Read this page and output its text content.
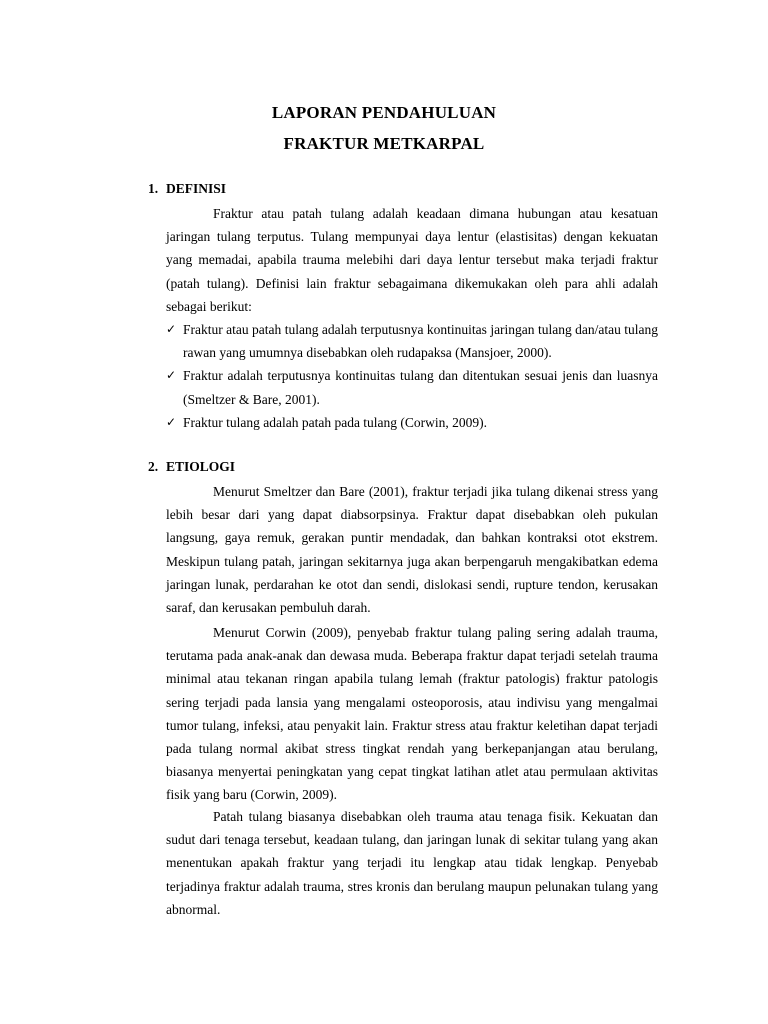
LAPORAN PENDAHULUAN
FRAKTUR METKARPAL
1. DEFINISI

Fraktur atau patah tulang adalah keadaan dimana hubungan atau kesatuan jaringan tulang terputus. Tulang mempunyai daya lentur (elastisitas) dengan kekuatan yang memadai, apabila trauma melebihi dari daya lentur tersebut maka terjadi fraktur (patah tulang). Definisi lain fraktur sebagaimana dikemukakan oleh para ahli adalah sebagai berikut:

✓ Fraktur atau patah tulang adalah terputusnya kontinuitas jaringan tulang dan/atau tulang rawan yang umumnya disebabkan oleh rudapaksa (Mansjoer, 2000).
✓ Fraktur adalah terputusnya kontinuitas tulang dan ditentukan sesuai jenis dan luasnya (Smeltzer & Bare, 2001).
✓ Fraktur tulang adalah patah pada tulang (Corwin, 2009).
2. ETIOLOGI

Menurut Smeltzer dan Bare (2001), fraktur terjadi jika tulang dikenai stress yang lebih besar dari yang dapat diabsorpsinya. Fraktur dapat disebabkan oleh pukulan langsung, gaya remuk, gerakan puntir mendadak, dan bahkan kontraksi otot ekstrem. Meskipun tulang patah, jaringan sekitarnya juga akan berpengaruh mengakibatkan edema jaringan lunak, perdarahan ke otot dan sendi, dislokasi sendi, rupture tendon, kerusakan saraf, dan kerusakan pembuluh darah.

Menurut Corwin (2009), penyebab fraktur tulang paling sering adalah trauma, terutama pada anak-anak dan dewasa muda. Beberapa fraktur dapat terjadi setelah trauma minimal atau tekanan ringan apabila tulang lemah (fraktur patologis) fraktur patologis sering terjadi pada lansia yang mengalami osteoporosis, atau indivisu yang mengalmai tumor tulang, infeksi, atau penyakit lain. Fraktur stress atau fraktur keletihan dapat terjadi pada tulang normal akibat stress tingkat rendah yang berkepanjangan atau berulang, biasanya menyertai peningkatan yang cepat tingkat latihan atlet atau permulaan aktivitas fisik yang baru (Corwin, 2009).

Patah tulang biasanya disebabkan oleh trauma atau tenaga fisik. Kekuatan dan sudut dari tenaga tersebut, keadaan tulang, dan jaringan lunak di sekitar tulang yang akan menentukan apakah fraktur yang terjadi itu lengkap atau tidak lengkap. Penyebab terjadinya fraktur adalah trauma, stres kronis dan berulang maupun pelunakan tulang yang abnormal.
